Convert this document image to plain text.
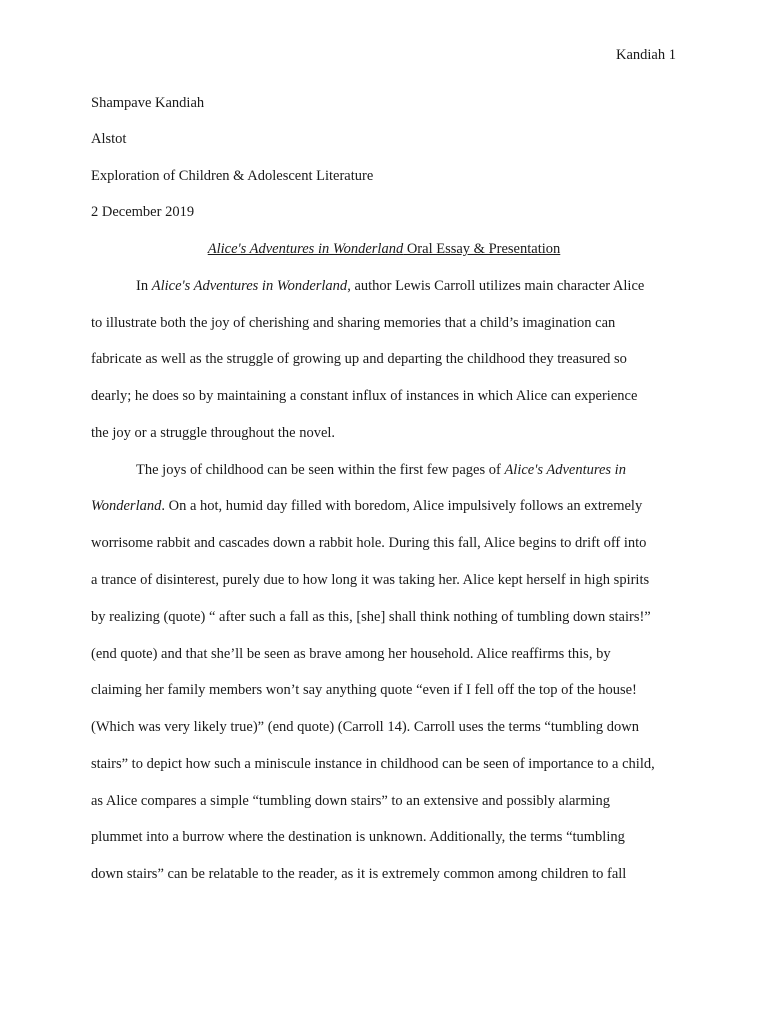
Kandiah 1
Shampave Kandiah
Alstot
Exploration of Children & Adolescent Literature
2 December 2019
Alice's Adventures in Wonderland Oral Essay & Presentation
In Alice's Adventures in Wonderland, author Lewis Carroll utilizes main character Alice
to illustrate both the joy of cherishing and sharing memories that a child’s imagination can
fabricate as well as the struggle of growing up and departing the childhood they treasured so
dearly; he does so by maintaining a constant influx of instances in which Alice can experience
the joy or a struggle throughout the novel.
The joys of childhood can be seen within the first few pages of Alice's Adventures in
Wonderland. On a hot, humid day filled with boredom, Alice impulsively follows an extremely
worrisome rabbit and cascades down a rabbit hole. During this fall, Alice begins to drift off into
a trance of disinterest, purely due to how long it was taking her. Alice kept herself in high spirits
by realizing (quote) “ after such a fall as this, [she] shall think nothing of tumbling down stairs!”
(end quote) and that she’ll be seen as brave among her household. Alice reaffirms this, by
claiming her family members won’t say anything quote “even if I fell off the top of the house!
(Which was very likely true)” (end quote) (Carroll 14). Carroll uses the terms “tumbling down
stairs” to depict how such a miniscule instance in childhood can be seen of importance to a child,
as Alice compares a simple “tumbling down stairs” to an extensive and possibly alarming
plummet into a burrow where the destination is unknown. Additionally, the terms “tumbling
down stairs” can be relatable to the reader, as it is extremely common among children to fall
